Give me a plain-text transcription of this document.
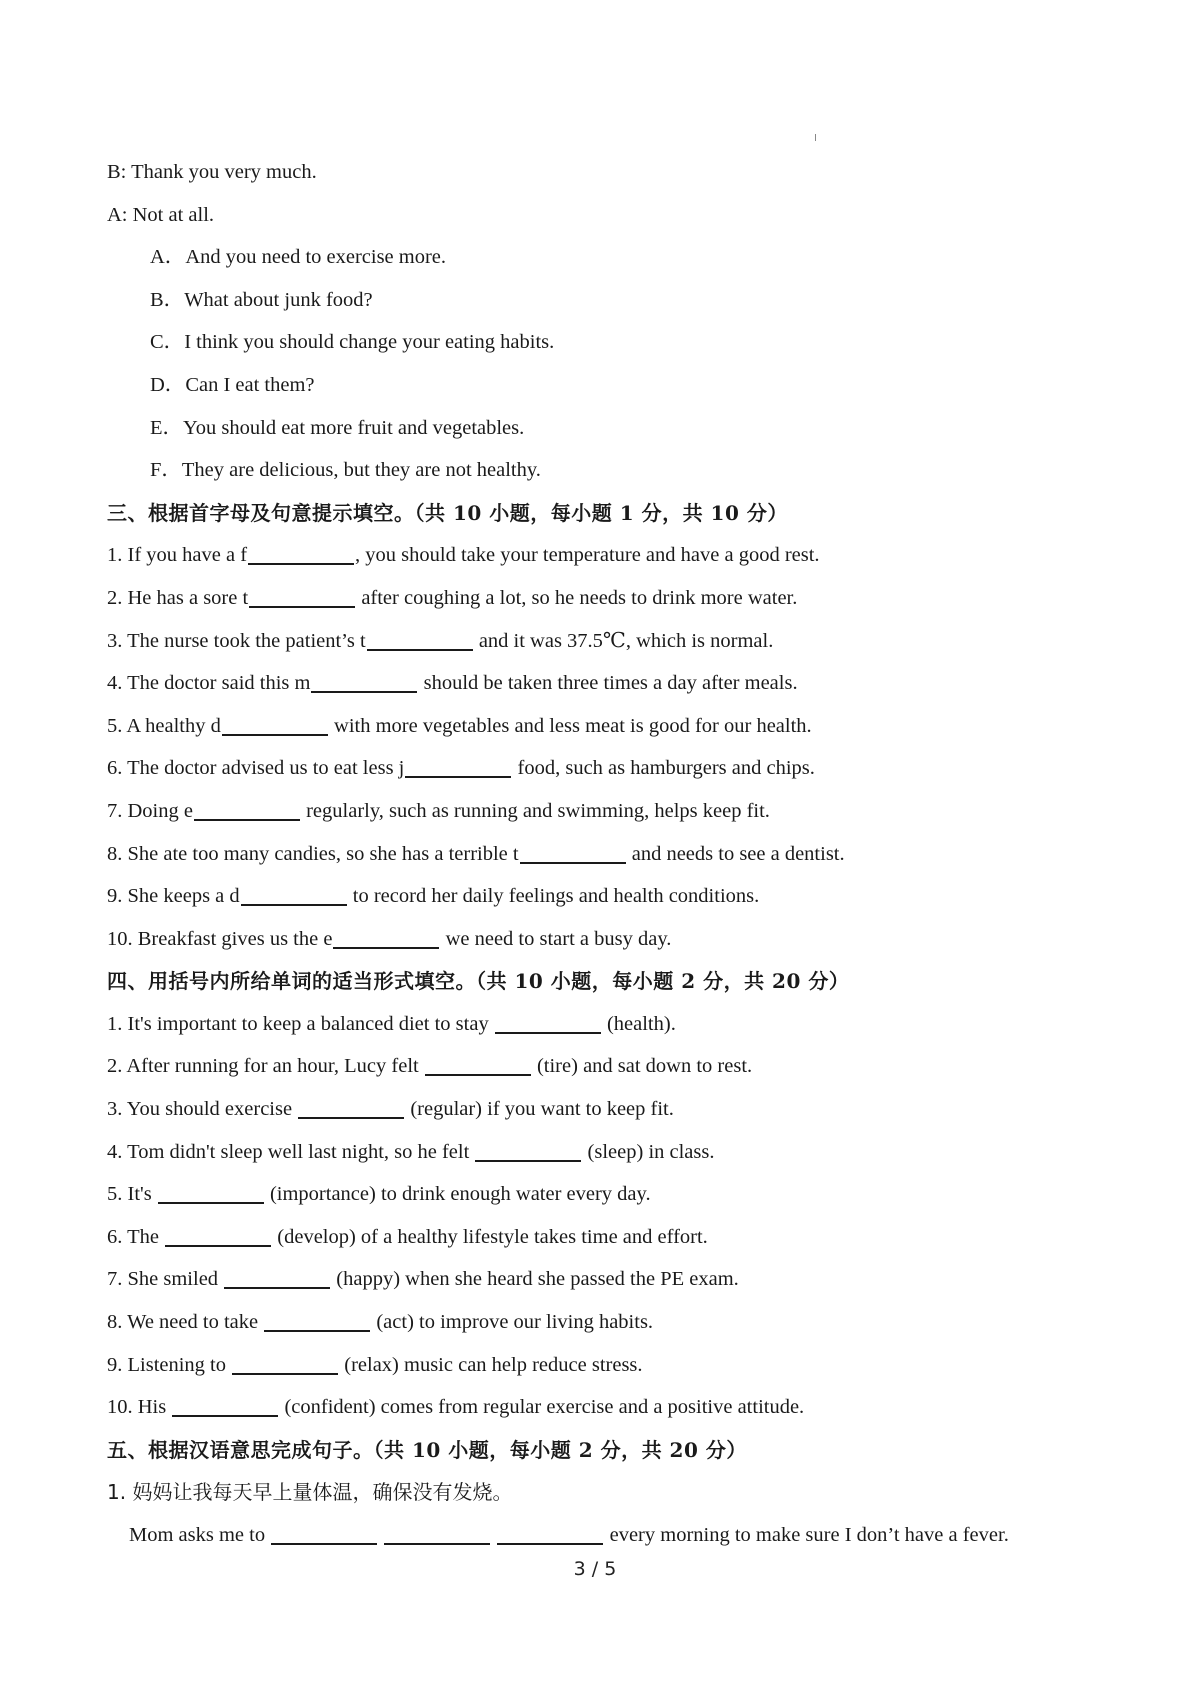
B: Thank you very much.
A: Not at all.
A．And you need to exercise more.
B．What about junk food?
C．I think you should change your eating habits.
D．Can I eat them?
E．You should eat more fruit and vegetables.
F．They are delicious, but they are not healthy.
三、根据首字母及句意提示填空。（共 10 小题，每小题 1 分，共 10 分）
1. If you have a f	, you should take your temperature and have a good rest.
2. He has a sore t	after coughing a lot, so he needs to drink more water.
3. The nurse took the patient’s t	and it was 37.5℃, which is normal.
4. The doctor said this m	should be taken three times a day after meals.
5. A healthy d	with more vegetables and less meat is good for our health.
6. The doctor advised us to eat less j	food, such as hamburgers and chips.
7. Doing e	regularly, such as running and swimming, helps keep fit.
8. She ate too many candies, so she has a terrible t	and needs to see a dentist.
9. She keeps a d	to record her daily feelings and health conditions.
10. Breakfast gives us the e	we need to start a busy day.
四、用括号内所给单词的适当形式填空。（共 10 小题，每小题 2 分，共 20 分）
1. It's important to keep a balanced diet to stay	(health).
2. After running for an hour, Lucy felt	(tire) and sat down to rest.
3. You should exercise	(regular) if you want to keep fit.
4. Tom didn't sleep well last night, so he felt	(sleep) in class.
5. It's	(importance) to drink enough water every day.
6. The	(develop) of a healthy lifestyle takes time and effort.
7. She smiled	(happy) when she heard she passed the PE exam.
8. We need to take	(act) to improve our living habits.
9. Listening to	(relax) music can help reduce stress.
10. His	(confident) comes from regular exercise and a positive attitude.
五、根据汉语意思完成句子。（共 10 小题，每小题 2 分，共 20 分）
1. 妈妈让我每天早上量体温，确保没有发烧。
Mom asks me to	every morning to make sure I don’t have a fever.
3 / 5
